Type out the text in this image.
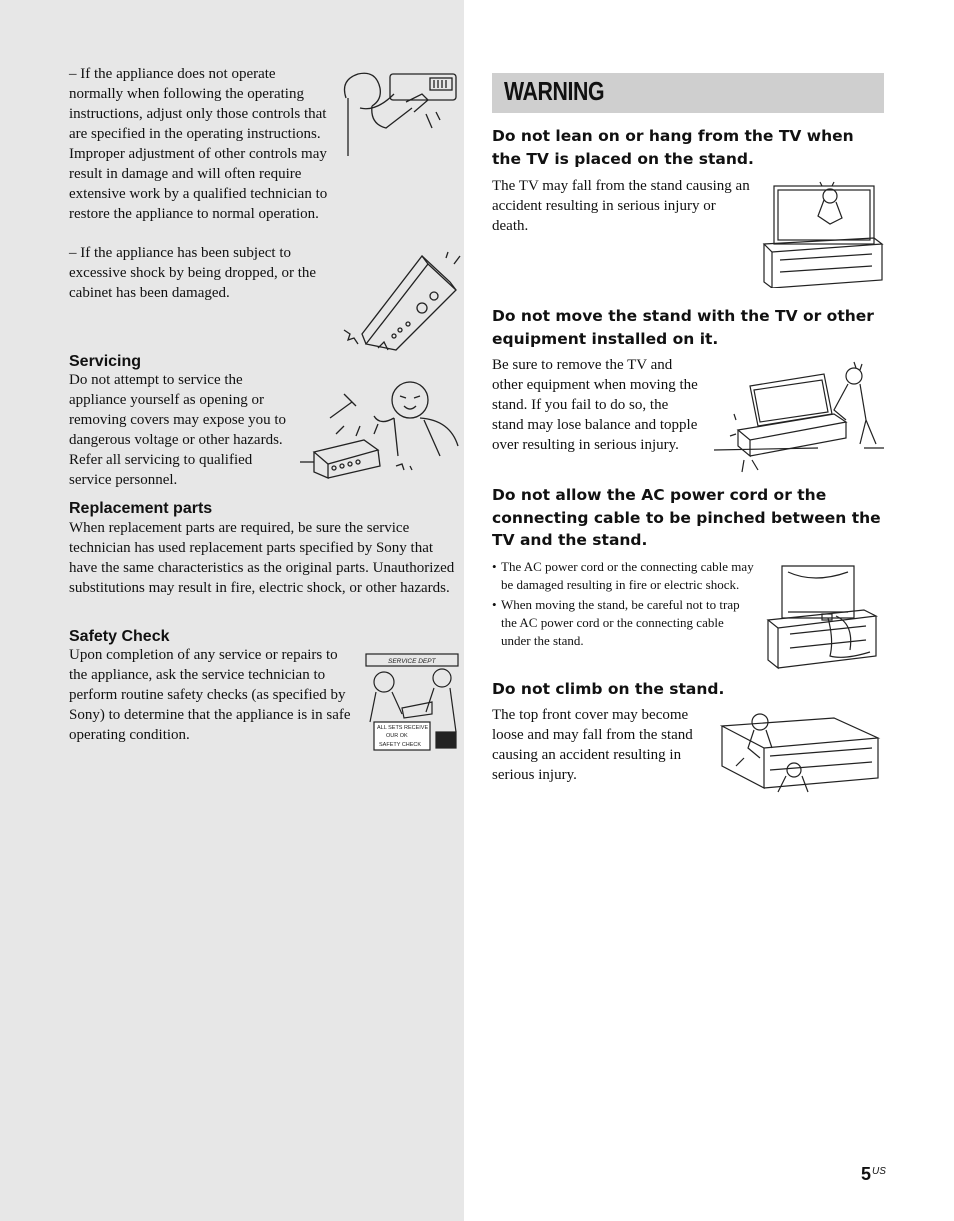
– If the appliance does not operate normally when following the operating instructions, adjust only those controls that are specified in the operating instructions. Improper adjustment of other controls may result in damage and will often require extensive work by a qualified technician to restore the appliance to normal operation.

– If the appliance has been subject to excessive shock by being dropped, or the cabinet has been damaged.

Servicing

Do not attempt to service the appliance yourself as opening or removing covers may expose you to dangerous voltage or other hazards. Refer all servicing to qualified service personnel.

Replacement parts

When replacement parts are required, be sure the service technician has used replacement parts specified by Sony that have the same characteristics as the original parts. Unauthorized substitutions may result in fire, electric shock, or other hazards.

Safety Check

Upon completion of any service or repairs to the appliance, ask the service technician to perform routine safety checks (as specified by Sony) to determine that the appliance is in safe operating condition.

SERVICE DEPT
ALL SETS RECEIVE
OUR OK
SAFETY CHECK
WARNING

Do not lean on or hang from the TV when the TV is placed on the stand.

The TV may fall from the stand causing an accident resulting in serious injury or death.

Do not move the stand with the TV or other equipment installed on it.

Be sure to remove the TV and other equipment when moving the stand. If you fail to do so, the stand may lose balance and topple over resulting in serious injury.

Do not allow the AC power cord or the connecting cable to be pinched between the TV and the stand.

• The AC power cord or the connecting cable may be damaged resulting in fire or electric shock.
• When moving the stand, be careful not to trap the AC power cord or the connecting cable under the stand.

Do not climb on the stand.

The top front cover may become loose and may fall from the stand causing an accident resulting in serious injury.

$5^{US}$
